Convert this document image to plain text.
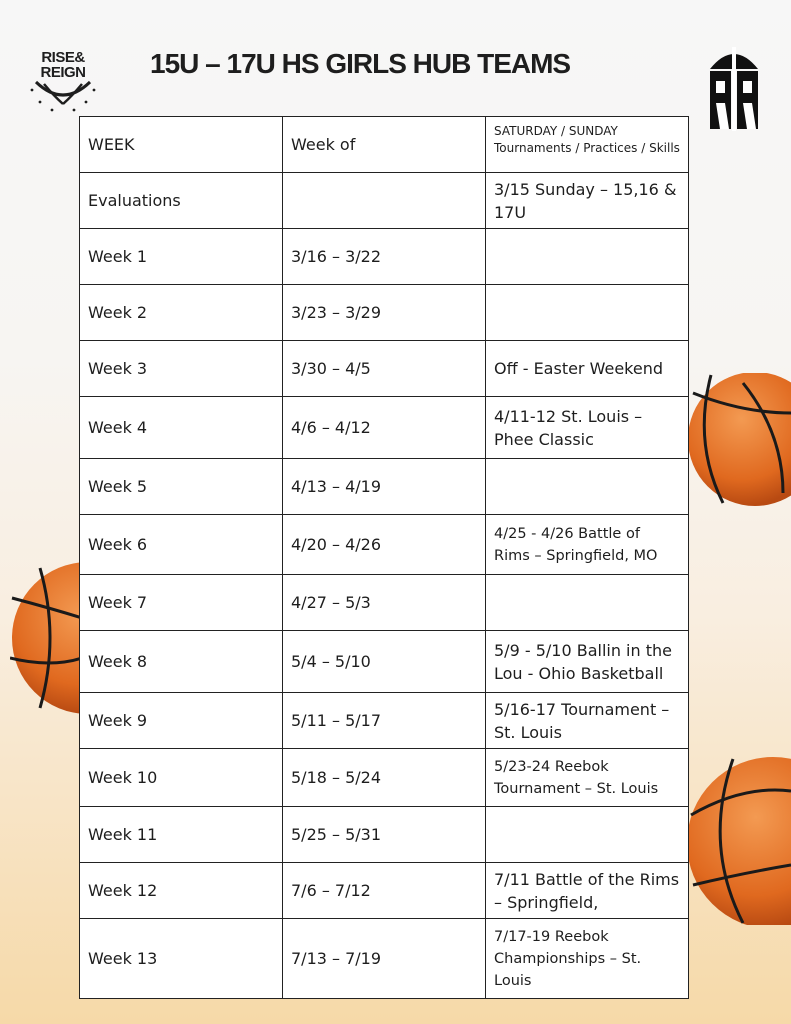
RISE&
REIGN 15U – 17U HS GIRLS HUB TEAMS
WEEK	Week of	SATURDAY / SUNDAY Tournaments / Practices / Skills
Evaluations		3/15 Sunday – 15,16 & 17U
Week 1	3/16 – 3/22	
Week 2	3/23 – 3/29	
Week 3	3/30 – 4/5	Off - Easter Weekend
Week 4	4/6 – 4/12	4/11-12 St. Louis – Phee Classic
Week 5	4/13 – 4/19	
Week 6	4/20 – 4/26	4/25 - 4/26 Battle of Rims – Springfield, MO
Week 7	4/27 – 5/3	
Week 8	5/4 – 5/10	5/9 - 5/10 Ballin in the Lou - Ohio Basketball
Week 9	5/11 – 5/17	5/16-17 Tournament – St. Louis
Week 10	5/18 – 5/24	5/23-24 Reebok Tournament – St. Louis
Week 11	5/25 – 5/31	
Week 12	7/6 – 7/12	7/11 Battle of the Rims – Springfield,
Week 13	7/13 – 7/19	7/17-19 Reebok Championships – St. Louis
